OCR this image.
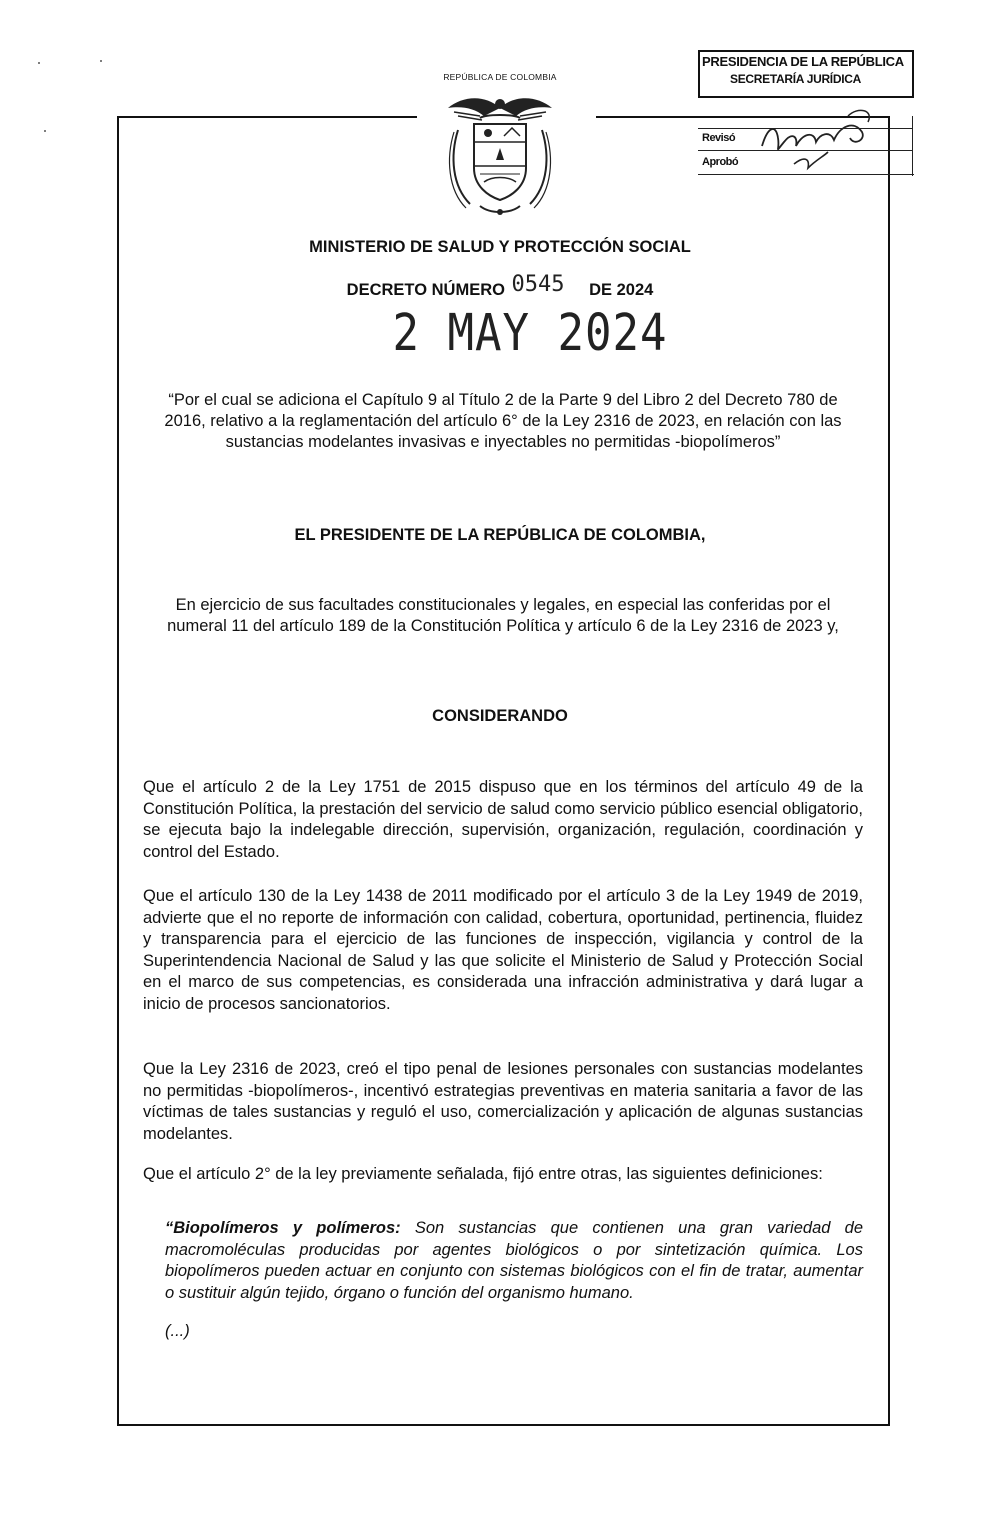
REPÚBLICA DE COLOMBIA
MINISTERIO DE SALUD Y PROTECCIÓN SOCIAL
DECRETO NÚMERO 0545 DE 2024
2 MAY 2024
PRESIDENCIA DE LA REPÚBLICA
SECRETARÍA JURÍDICA
Revisó
Aprobó
“Por el cual se adiciona el Capítulo 9 al Título 2 de la Parte 9 del Libro 2 del Decreto 780 de 2016, relativo a la reglamentación del artículo 6° de la Ley 2316 de 2023, en relación con las sustancias modelantes invasivas e inyectables no permitidas -biopolímeros”
EL PRESIDENTE DE LA REPÚBLICA DE COLOMBIA,
En ejercicio de sus facultades constitucionales y legales, en especial las conferidas por el numeral 11 del artículo 189 de la Constitución Política y artículo 6 de la Ley 2316 de 2023 y,
CONSIDERANDO
Que el artículo 2 de la Ley 1751 de 2015 dispuso que en los términos del artículo 49 de la Constitución Política, la prestación del servicio de salud como servicio público esencial obligatorio, se ejecuta bajo la indelegable dirección, supervisión, organización, regulación, coordinación y control del Estado.
Que el artículo 130 de la Ley 1438 de 2011 modificado por el artículo 3 de la Ley 1949 de 2019, advierte que el no reporte de información con calidad, cobertura, oportunidad, pertinencia, fluidez y transparencia para el ejercicio de las funciones de inspección, vigilancia y control de la Superintendencia Nacional de Salud y las que solicite el Ministerio de Salud y Protección Social en el marco de sus competencias, es considerada una infracción administrativa y dará lugar a inicio de procesos sancionatorios.
Que la Ley 2316 de 2023, creó el tipo penal de lesiones personales con sustancias modelantes no permitidas -biopolímeros-, incentivó estrategias preventivas en materia sanitaria a favor de las víctimas de tales sustancias y reguló el uso, comercialización y aplicación de algunas sustancias modelantes.
Que el artículo 2° de la ley previamente señalada, fijó entre otras, las siguientes definiciones:
“Biopolímeros y polímeros: Son sustancias que contienen una gran variedad de macromoléculas producidas por agentes biológicos o por sintetización química. Los biopolímeros pueden actuar en conjunto con sistemas biológicos con el fin de tratar, aumentar o sustituir algún tejido, órgano o función del organismo humano.
(...)
